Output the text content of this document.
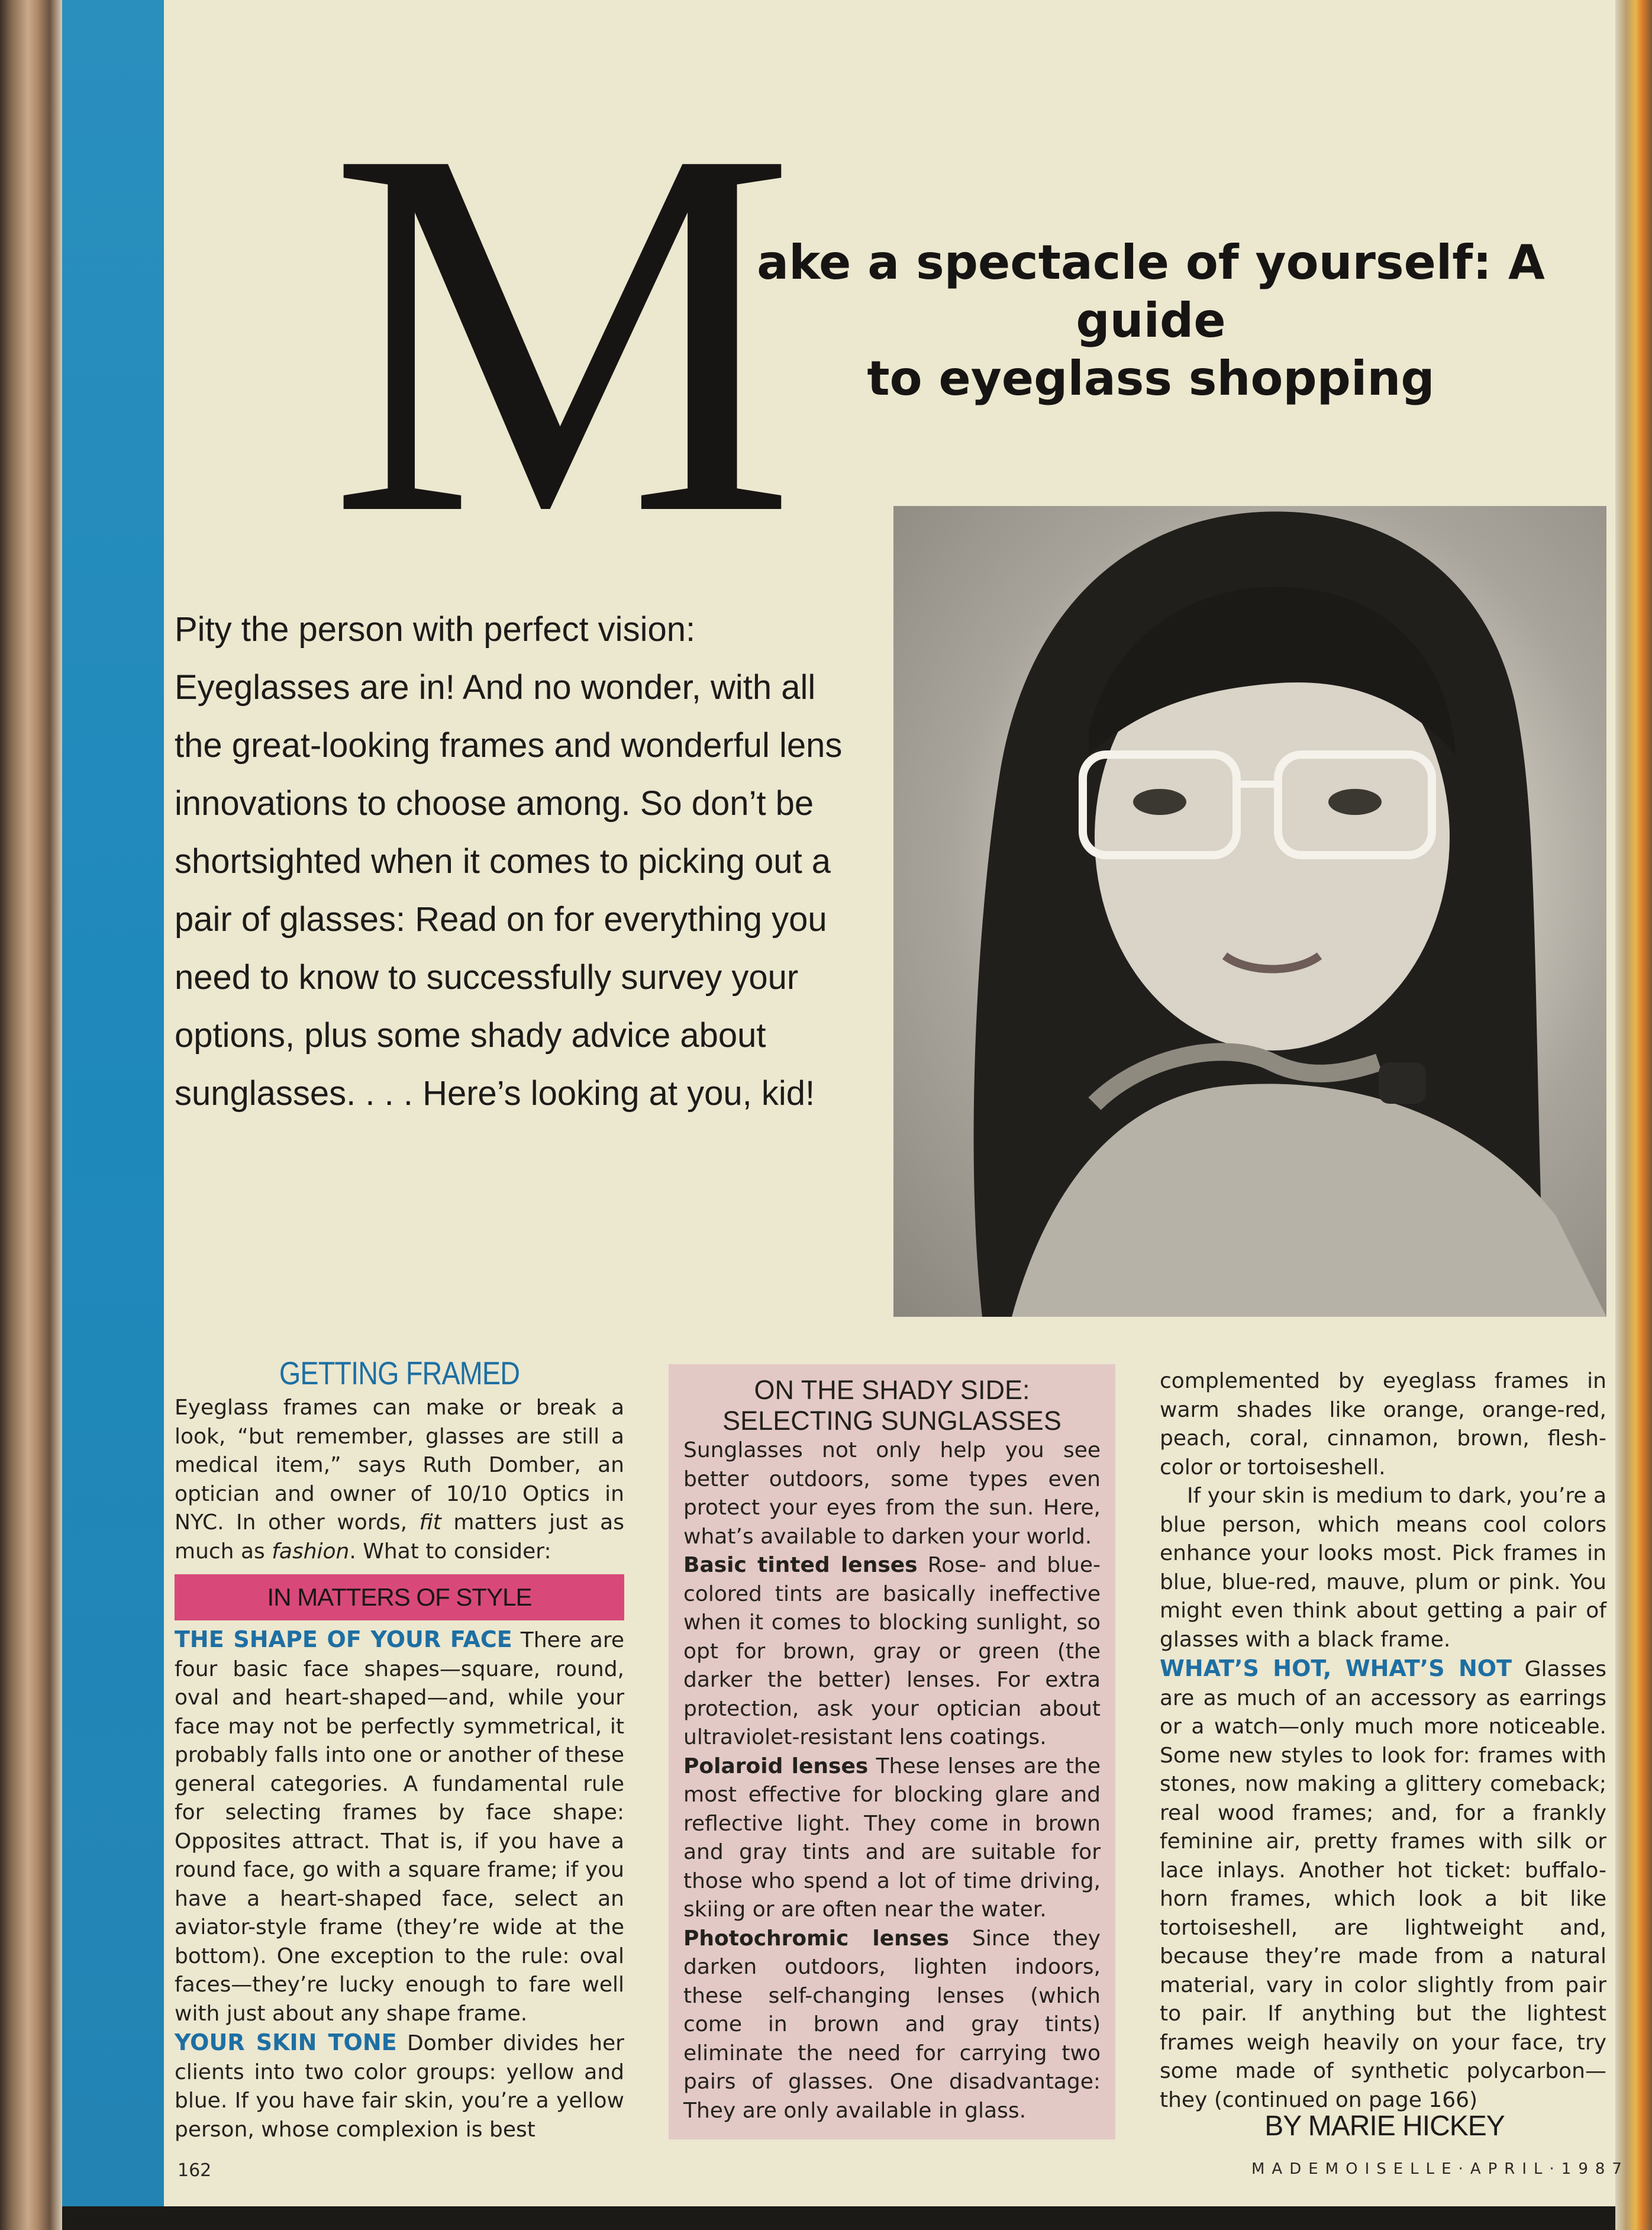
M
ake a spectacle of yourself: A guide
to eyeglass shopping
Pity the person with perfect vision: Eyeglasses are in! And no wonder, with all the great-looking frames and wonderful lens innovations to choose among. So don’t be shortsighted when it comes to picking out a pair of glasses: Read on for everything you need to know to successfully survey your options, plus some shady advice about sunglasses. . . . Here’s looking at you, kid!
GETTING FRAMED

Eyeglass frames can make or break a look, “but remember, glasses are still a medical item,” says Ruth Domber, an optician and owner of 10/10 Optics in NYC. In other words, fit matters just as much as fashion. What to consider:

IN MATTERS OF STYLE

THE SHAPE OF YOUR FACE There are four basic face shapes—square, round, oval and heart-shaped—and, while your face may not be perfectly symmetrical, it probably falls into one or another of these general categories. A fundamental rule for selecting frames by face shape: Opposites attract. That is, if you have a round face, go with a square frame; if you have a heart-shaped face, select an aviator-style frame (they’re wide at the bottom). One exception to the rule: oval faces—they’re lucky enough to fare well with just about any shape frame.

YOUR SKIN TONE Domber divides her clients into two color groups: yellow and blue. If you have fair skin, you’re a yellow person, whose complexion is best

ON THE SHADY SIDE:
SELECTING SUNGLASSES

Sunglasses not only help you see better outdoors, some types even protect your eyes from the sun. Here, what’s available to darken your world.

Basic tinted lenses Rose- and blue-colored tints are basically ineffective when it comes to blocking sunlight, so opt for brown, gray or green (the darker the better) lenses. For extra protection, ask your optician about ultraviolet-resistant lens coatings.

Polaroid lenses These lenses are the most effective for blocking glare and reflective light. They come in brown and gray tints and are suitable for those who spend a lot of time driving, skiing or are often near the water.

Photochromic lenses Since they darken outdoors, lighten indoors, these self-changing lenses (which come in brown and gray tints) eliminate the need for carrying two pairs of glasses. One disadvantage: They are only available in glass.

complemented by eyeglass frames in warm shades like orange, orange-red, peach, coral, cinnamon, brown, flesh-color or tortoiseshell.

If your skin is medium to dark, you’re a blue person, which means cool colors enhance your looks most. Pick frames in blue, blue-red, mauve, plum or pink. You might even think about getting a pair of glasses with a black frame.

WHAT’S HOT, WHAT’S NOT Glasses are as much of an accessory as earrings or a watch—only much more noticeable. Some new styles to look for: frames with stones, now making a glittery comeback; real wood frames; and, for a frankly feminine air, pretty frames with silk or lace inlays. Another hot ticket: buffalo-horn frames, which look a bit like tortoiseshell, are lightweight and, because they’re made from a natural material, vary in color slightly from pair to pair. If anything but the lightest frames weigh heavily on your face, try some made of synthetic polycarbon—they (continued on page 166)

BY MARIE HICKEY
162	MADEMOISELLE·APRIL·1987
